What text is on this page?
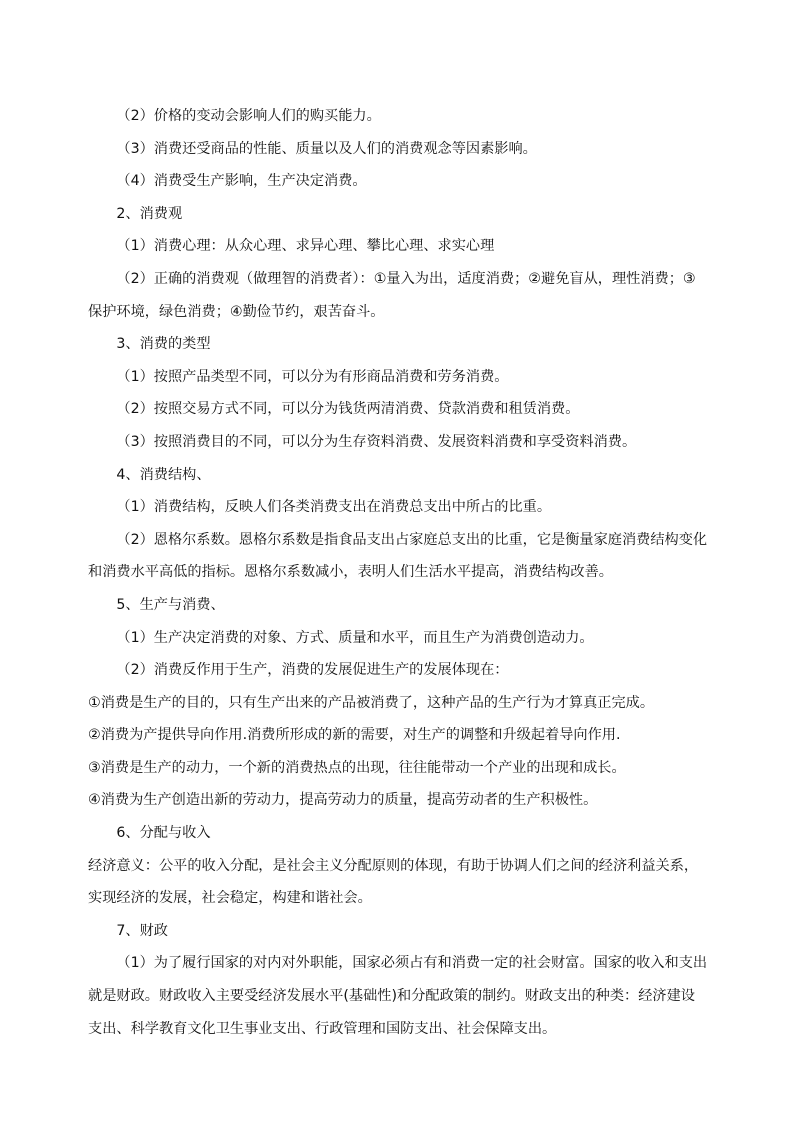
（2）价格的变动会影响人们的购买能力。

（3）消费还受商品的性能、质量以及人们的消费观念等因素影响。

（4）消费受生产影响，生产决定消费。

2、消费观

（1）消费心理：从众心理、求异心理、攀比心理、求实心理

（2）正确的消费观（做理智的消费者）：①量入为出，适度消费；②避免盲从，理性消费；③保护环境，绿色消费；④勤俭节约，艰苦奋斗。

3、消费的类型

（1）按照产品类型不同，可以分为有形商品消费和劳务消费。

（2）按照交易方式不同，可以分为钱货两清消费、贷款消费和租赁消费。

（3）按照消费目的不同，可以分为生存资料消费、发展资料消费和享受资料消费。

4、消费结构、

（1）消费结构，反映人们各类消费支出在消费总支出中所占的比重。

（2）恩格尔系数。恩格尔系数是指食品支出占家庭总支出的比重，它是衡量家庭消费结构变化和消费水平高低的指标。恩格尔系数减小，表明人们生活水平提高，消费结构改善。

5、生产与消费、

（1）生产决定消费的对象、方式、质量和水平，而且生产为消费创造动力。

（2）消费反作用于生产，消费的发展促进生产的发展体现在：

①消费是生产的目的，只有生产出来的产品被消费了，这种产品的生产行为才算真正完成。

②消费为产提供导向作用.消费所形成的新的需要，对生产的调整和升级起着导向作用.

③消费是生产的动力，一个新的消费热点的出现，往往能带动一个产业的出现和成长。

④消费为生产创造出新的劳动力，提高劳动力的质量，提高劳动者的生产积极性。

6、分配与收入

经济意义：公平的收入分配，是社会主义分配原则的体现，有助于协调人们之间的经济利益关系，实现经济的发展，社会稳定，构建和谐社会。

7、财政

（1）为了履行国家的对内对外职能，国家必须占有和消费一定的社会财富。国家的收入和支出就是财政。财政收入主要受经济发展水平(基础性)和分配政策的制约。财政支出的种类：经济建设支出、科学教育文化卫生事业支出、行政管理和国防支出、社会保障支出。
